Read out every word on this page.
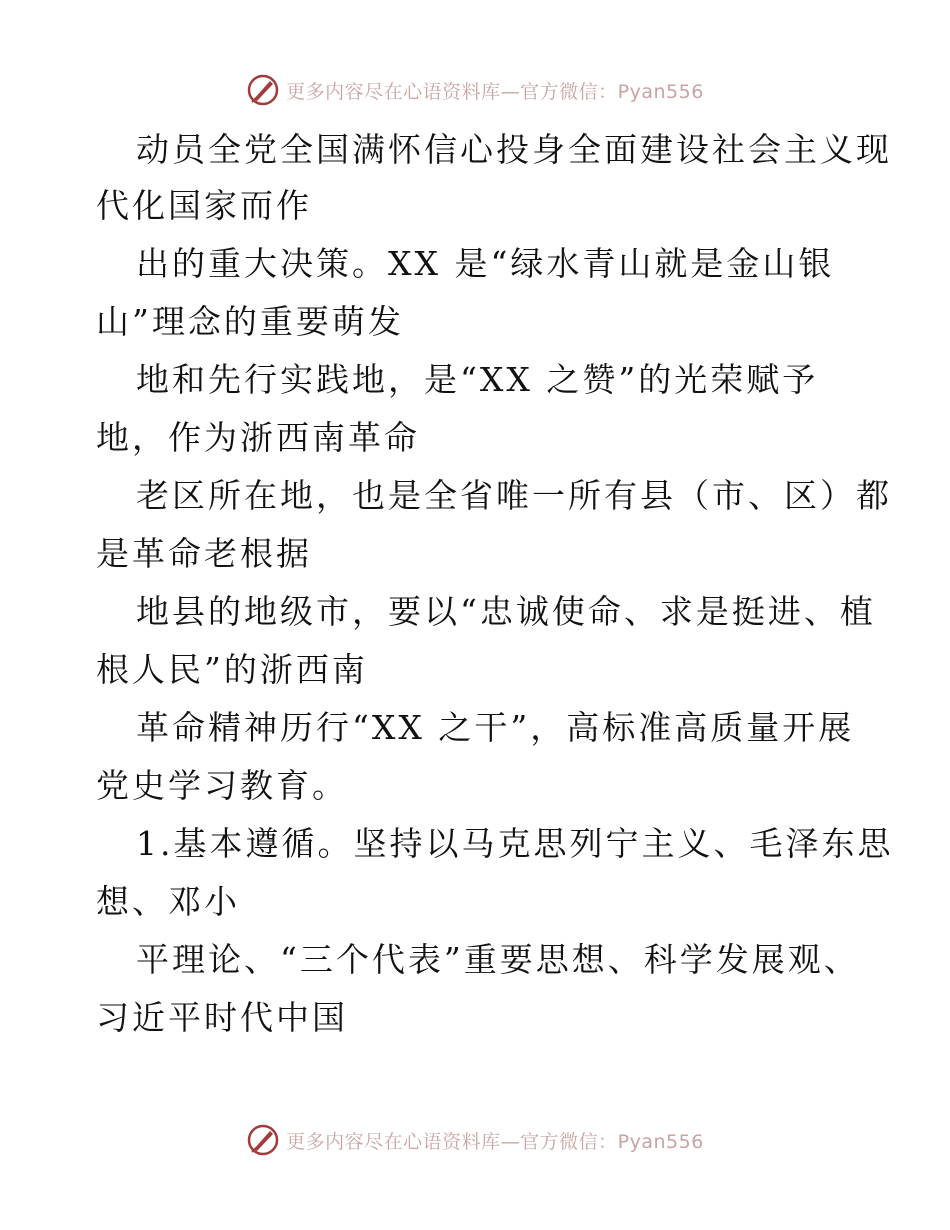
更多内容尽在心语资料库—官方微信：Pyan556
动员全党全国满怀信心投身全面建设社会主义现
代化国家而作
出的重大决策。XX 是“绿水青山就是金山银
山”理念的重要萌发
地和先行实践地，是“XX 之赞”的光荣赋予
地，作为浙西南革命
老区所在地，也是全省唯一所有县（市、区）都
是革命老根据
地县的地级市，要以“忠诚使命、求是挺进、植
根人民”的浙西南
革命精神历行“XX 之干”，高标准高质量开展
党史学习教育。
1.基本遵循。坚持以马克思列宁主义、毛泽东思
想、邓小
平理论、“三个代表”重要思想、科学发展观、
习近平时代中国
更多内容尽在心语资料库—官方微信：Pyan556
